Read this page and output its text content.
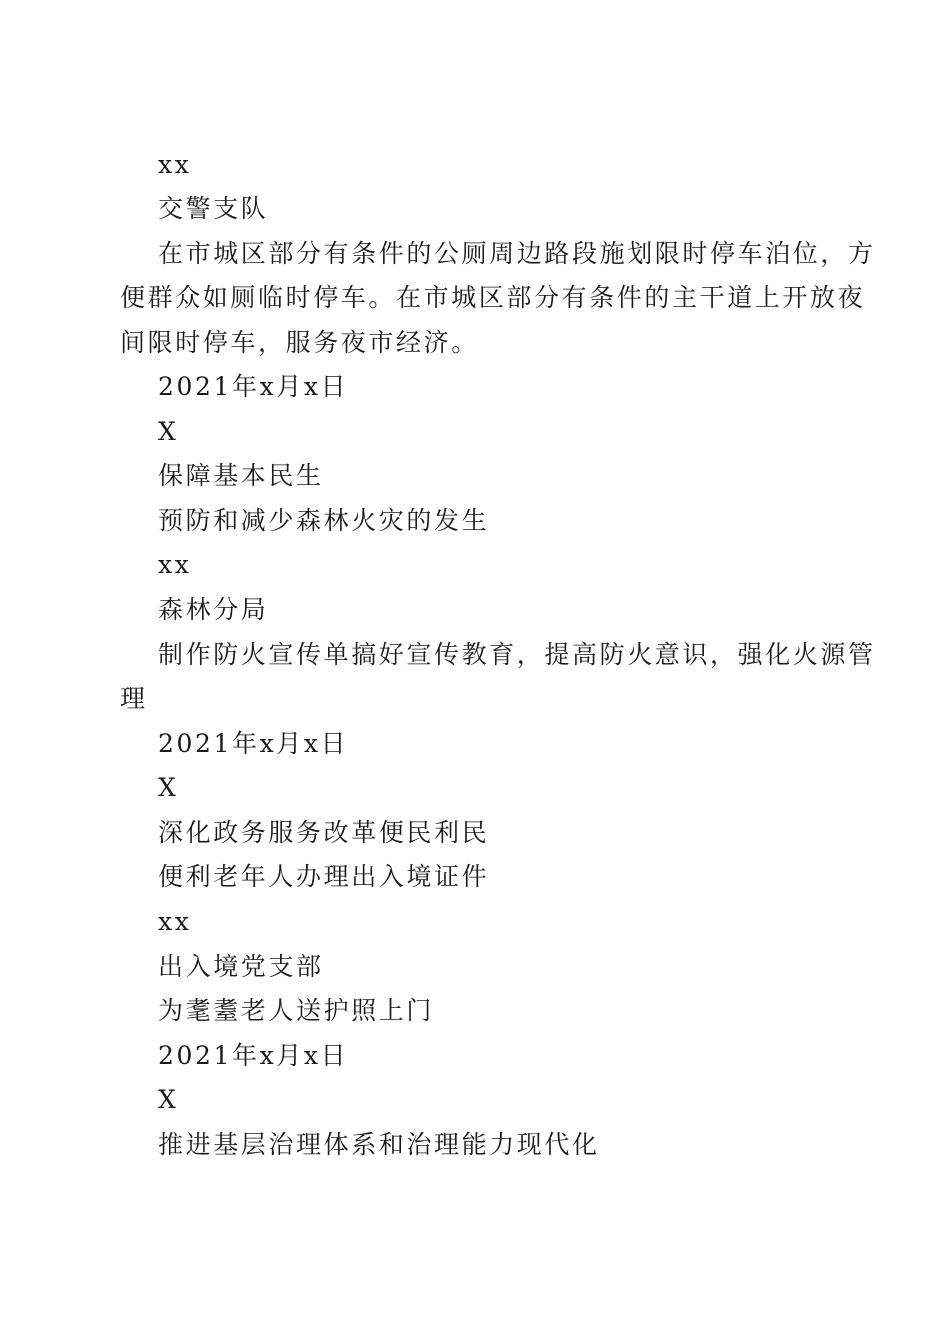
xx
交警支队
在市城区部分有条件的公厕周边路段施划限时停车泊位，方
便群众如厕临时停车。在市城区部分有条件的主干道上开放夜
间限时停车，服务夜市经济。
2021年x月x日
X
保障基本民生
预防和减少森林火灾的发生
xx
森林分局
制作防火宣传单搞好宣传教育，提高防火意识，强化火源管
理
2021年x月x日
X
深化政务服务改革便民利民
便利老年人办理出入境证件
xx
出入境党支部
为耄耋老人送护照上门
2021年x月x日
X
推进基层治理体系和治理能力现代化
